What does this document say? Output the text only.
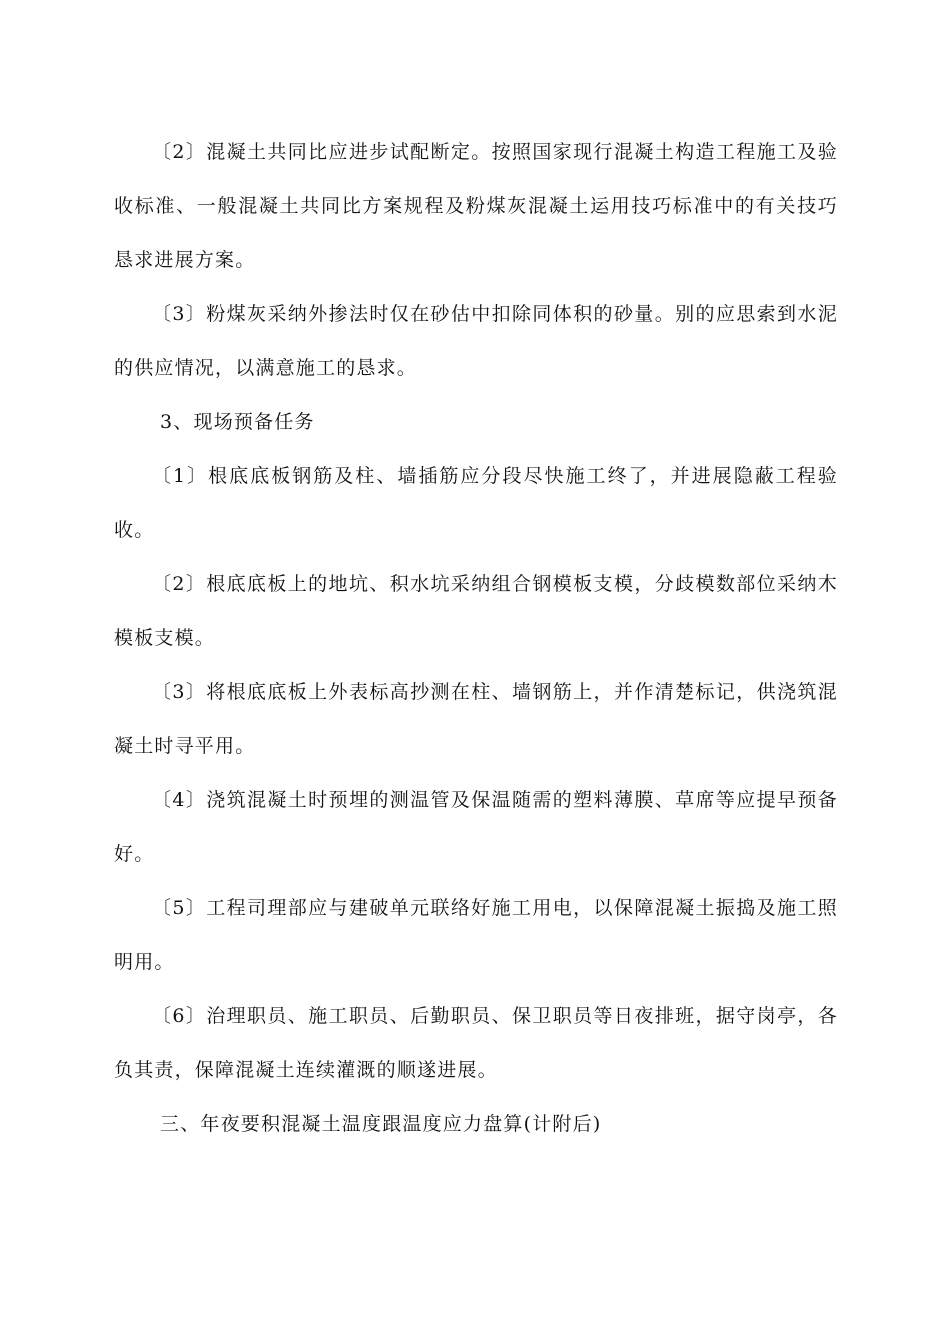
〔2〕混凝土共同比应进步试配断定。按照国家现行混凝土构造工程施工及验收标准、一般混凝土共同比方案规程及粉煤灰混凝土运用技巧标准中的有关技巧恳求进展方案。

〔3〕粉煤灰采纳外掺法时仅在砂估中扣除同体积的砂量。别的应思索到水泥的供应情况，以满意施工的恳求。

3、现场预备任务

〔1〕根底底板钢筋及柱、墙插筋应分段尽快施工终了，并进展隐蔽工程验收。

〔2〕根底底板上的地坑、积水坑采纳组合钢模板支模，分歧模数部位采纳木模板支模。

〔3〕将根底底板上外表标高抄测在柱、墙钢筋上，并作清楚标记，供浇筑混凝土时寻平用。

〔4〕浇筑混凝土时预埋的测温管及保温随需的塑料薄膜、草席等应提早预备好。

〔5〕工程司理部应与建破单元联络好施工用电，以保障混凝土振捣及施工照明用。

〔6〕治理职员、施工职员、后勤职员、保卫职员等日夜排班，据守岗亭，各负其责，保障混凝土连续灌溉的顺遂进展。

三、年夜要积混凝土温度跟温度应力盘算(计附后)
